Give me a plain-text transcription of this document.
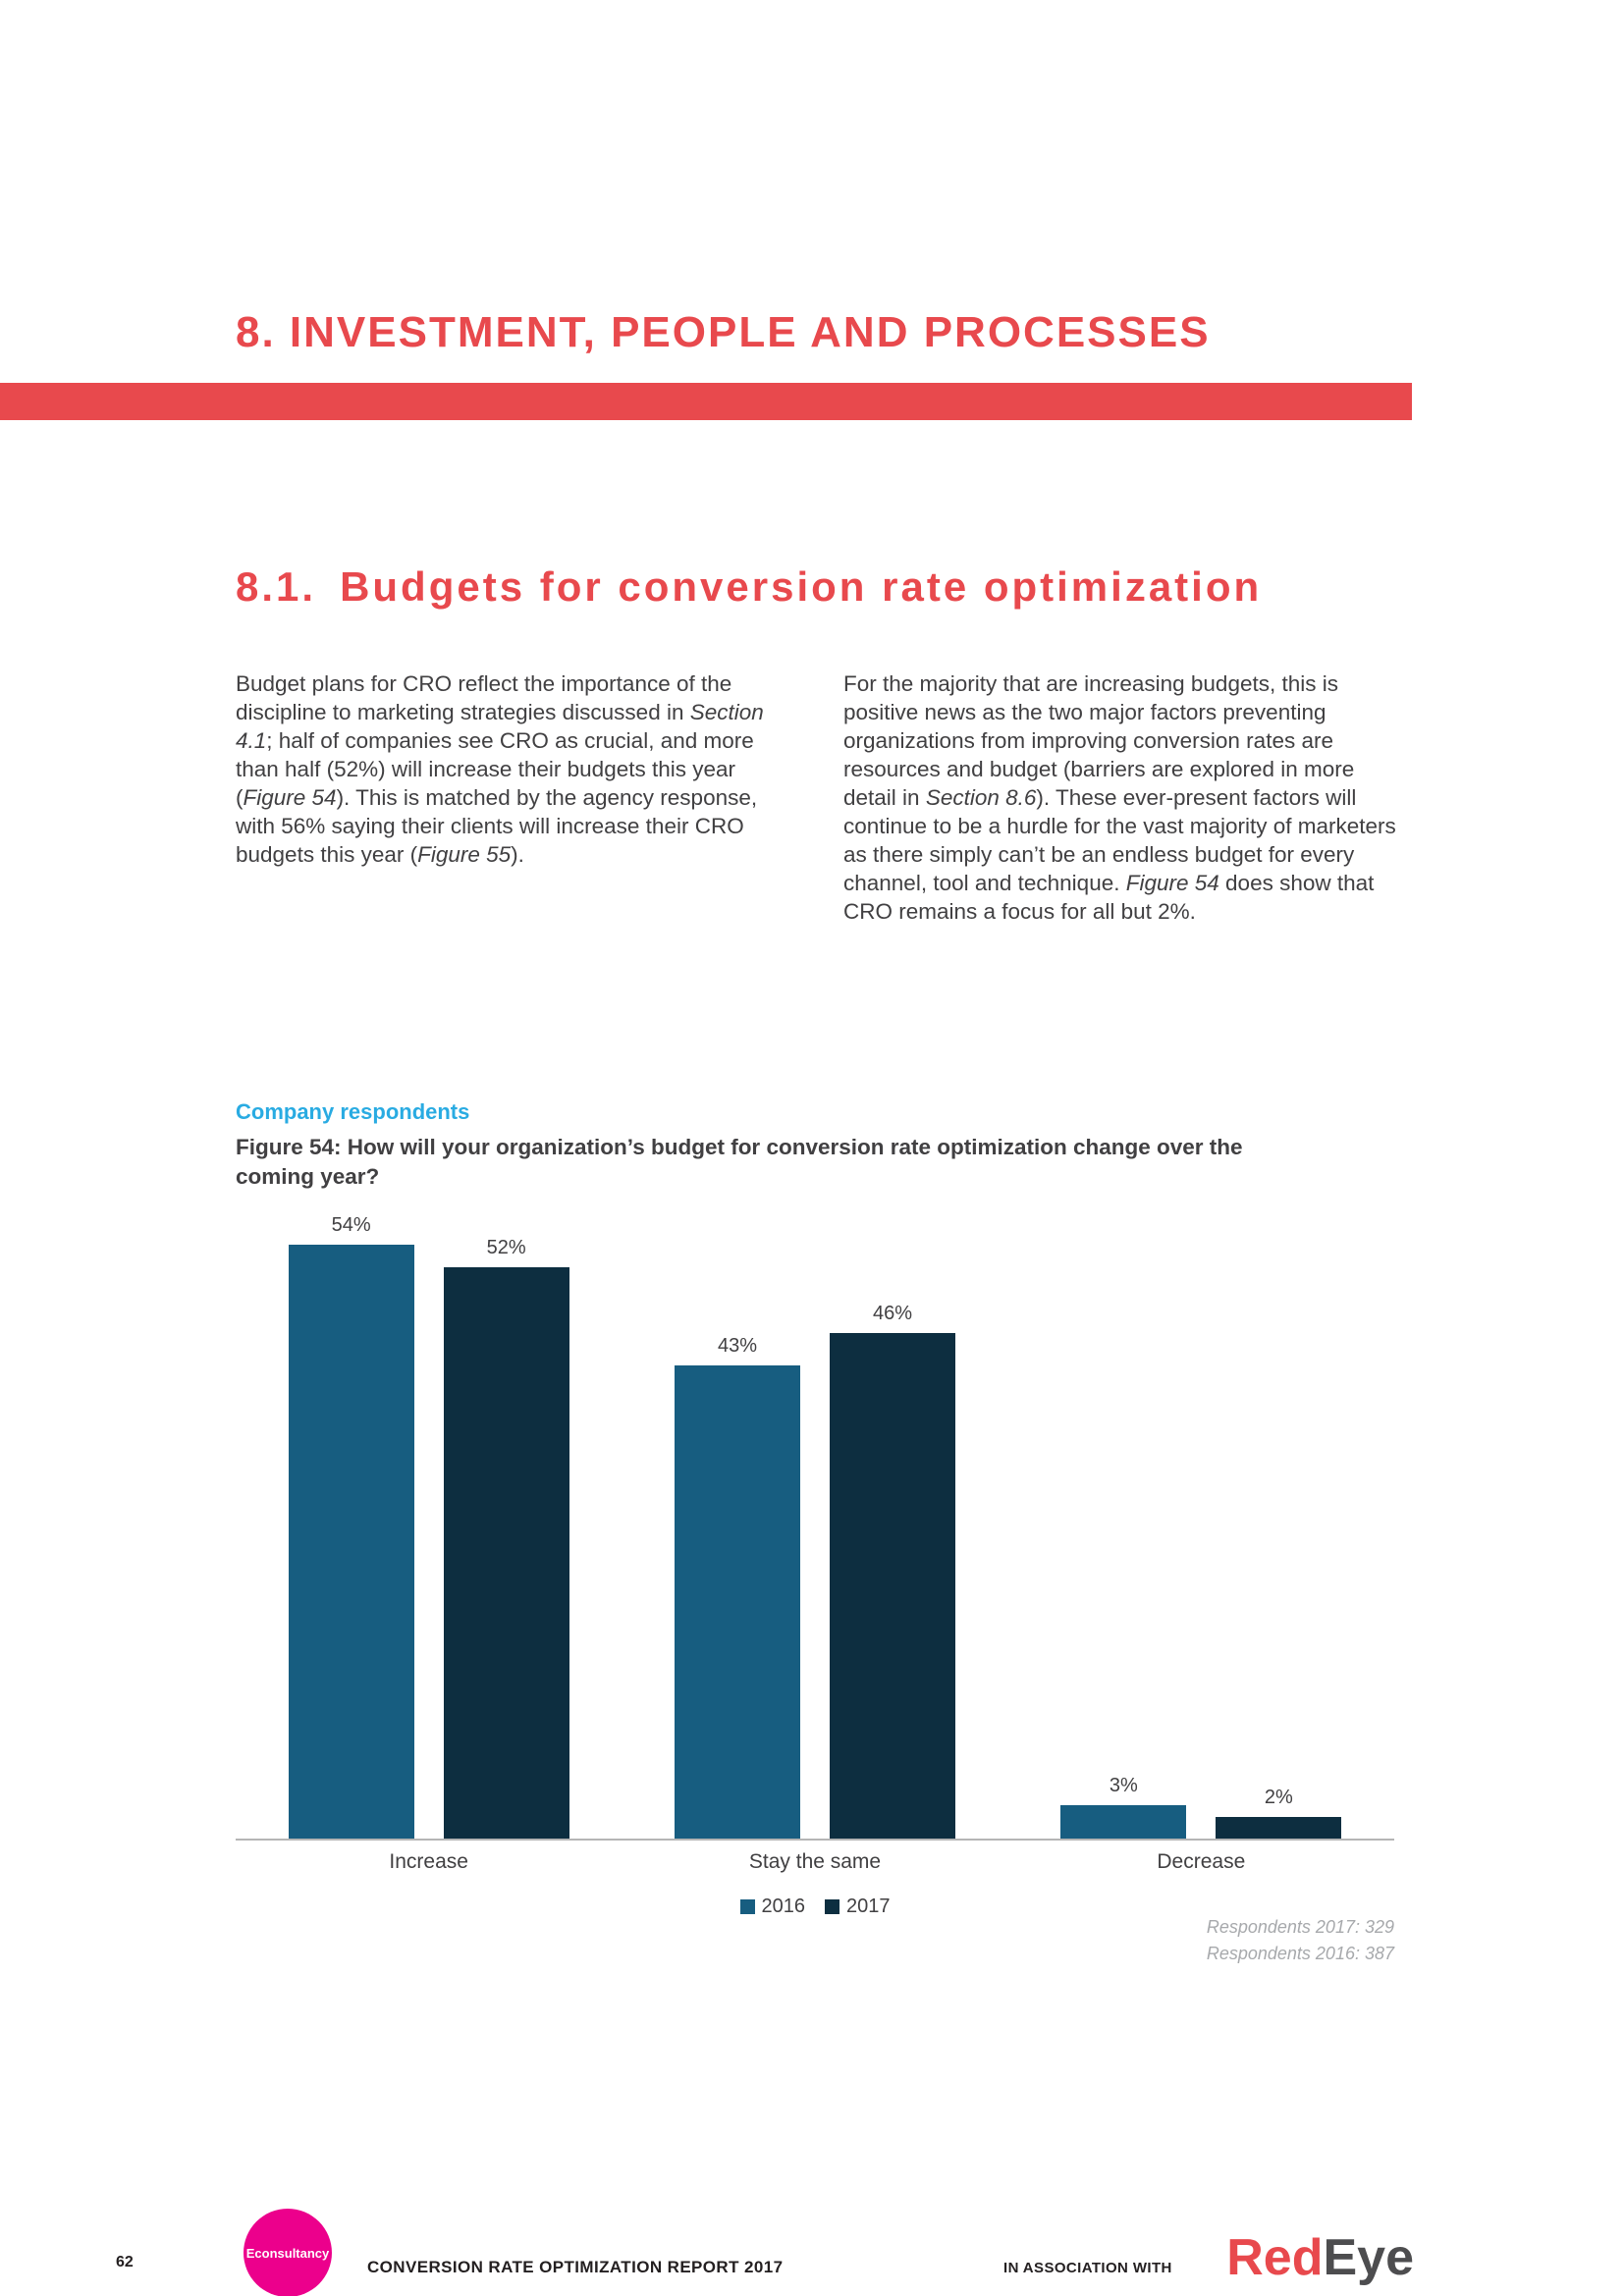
8. INVESTMENT, PEOPLE AND PROCESSES
8.1. Budgets for conversion rate optimization

Budget plans for CRO reflect the importance of the discipline to marketing strategies discussed in Section 4.1; half of companies see CRO as crucial, and more than half (52%) will increase their budgets this year (Figure 54). This is matched by the agency response, with 56% saying their clients will increase their CRO budgets this year (Figure 55).

For the majority that are increasing budgets, this is positive news as the two major factors preventing organizations from improving conversion rates are resources and budget (barriers are explored in more detail in Section 8.6). These ever-present factors will continue to be a hurdle for the vast majority of marketers as there simply can’t be an endless budget for every channel, tool and technique. Figure 54 does show that CRO remains a focus for all but 2%.

Company respondents
Figure 54: How will your organization’s budget for conversion rate optimization change over the coming year?
54%
52%
43%
46%
3%
2%
Increase	Stay the same	Decrease
2016 2017
Respondents 2017: 329
Respondents 2016: 387
62
Econsultancy
CONVERSION RATE OPTIMIZATION REPORT 2017	IN ASSOCIATION WITH RedEye
